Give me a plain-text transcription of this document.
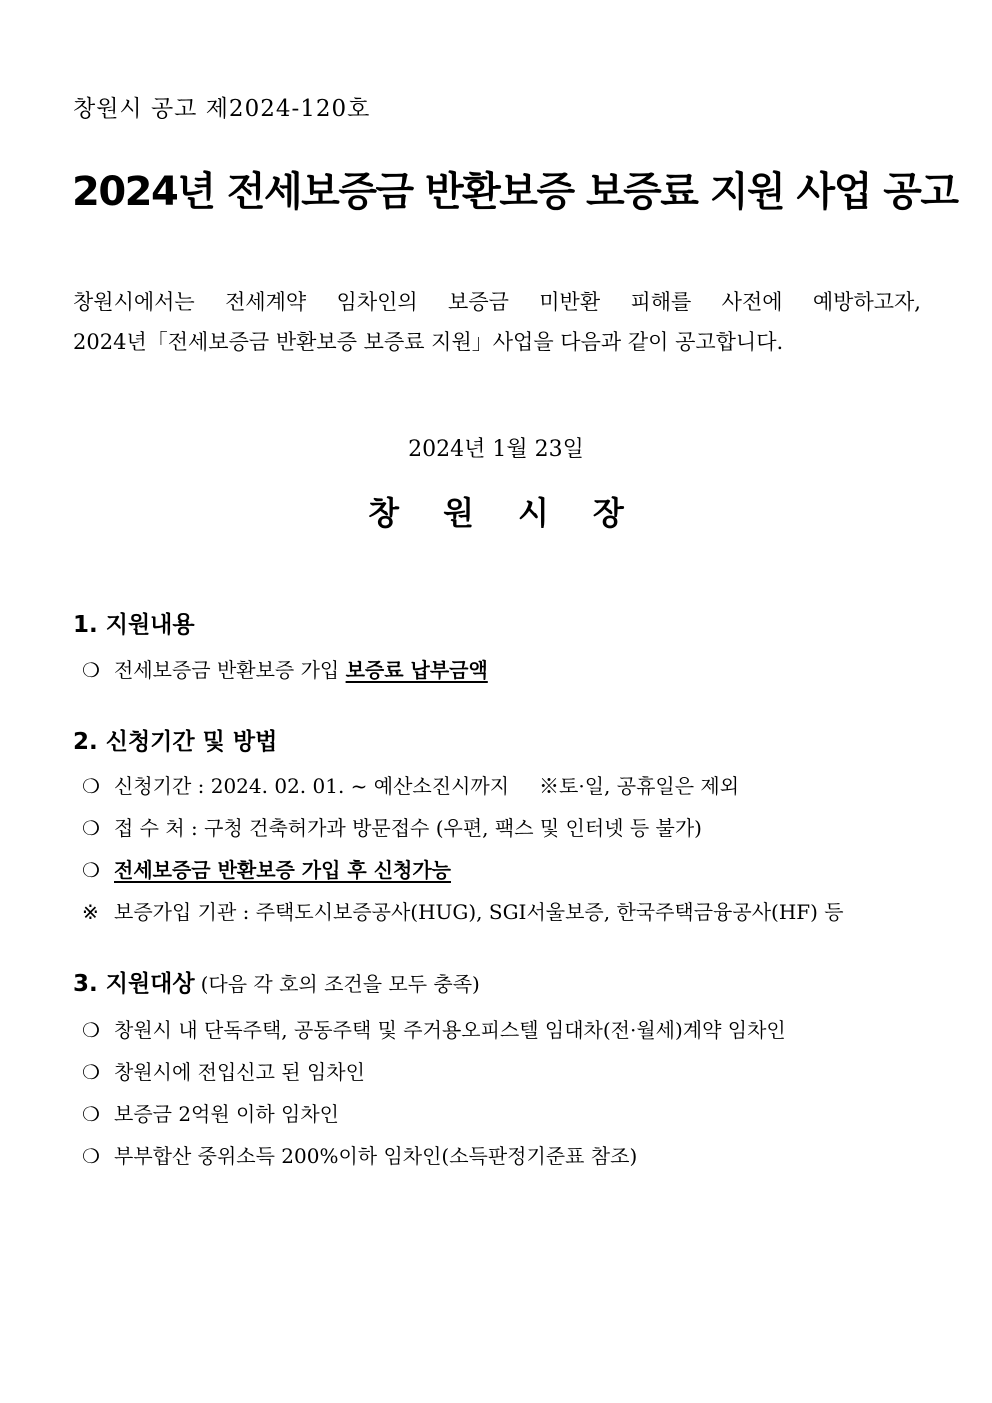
창원시 공고 제2024-120호
2024년 전세보증금 반환보증 보증료 지원 사업 공고
창원시에서는 전세계약 임차인의 보증금 미반환 피해를 사전에 예방하고자,
2024년「전세보증금 반환보증 보증료 지원」사업을 다음과 같이 공고합니다.
2024년 1월 23일
창원시장
1. 지원내용
❍ 전세보증금 반환보증 가입 보증료 납부금액
2. 신청기간 및 방법
❍ 신청기간 : 2024. 02. 01. ~ 예산소진시까지 ※토·일, 공휴일은 제외
❍ 접 수 처 : 구청 건축허가과 방문접수 (우편, 팩스 및 인터넷 등 불가)
❍ 전세보증금 반환보증 가입 후 신청가능
※ 보증가입 기관 : 주택도시보증공사(HUG), SGI서울보증, 한국주택금융공사(HF) 등
3. 지원대상 (다음 각 호의 조건을 모두 충족)
❍ 창원시 내 단독주택, 공동주택 및 주거용오피스텔 임대차(전·월세)계약 임차인
❍ 창원시에 전입신고 된 임차인
❍ 보증금 2억원 이하 임차인
❍ 부부합산 중위소득 200%이하 임차인(소득판정기준표 참조)
